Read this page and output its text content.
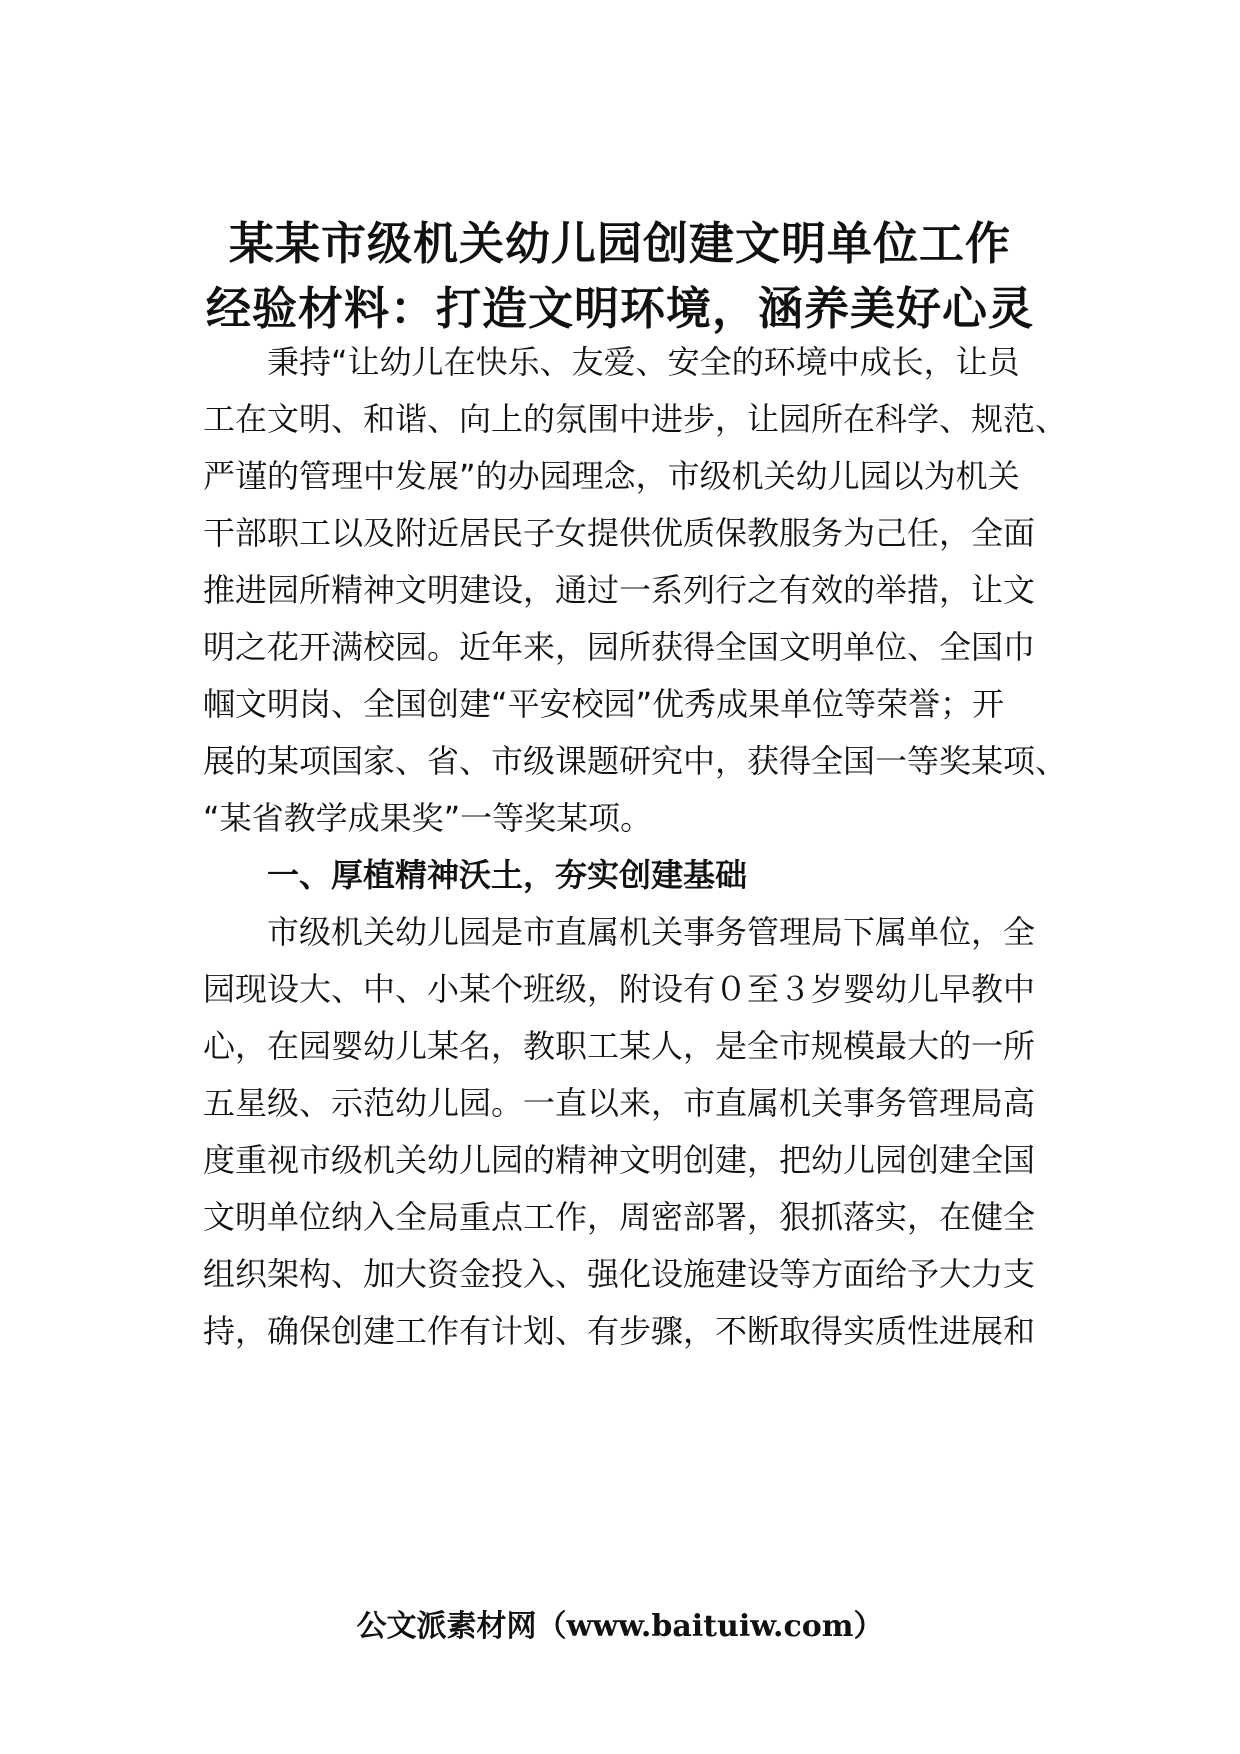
某某市级机关幼儿园创建文明单位工作
经验材料：打造文明环境，涵养美好心灵
　　秉持“让幼儿在快乐、友爱、安全的环境中成长，让员
工在文明、和谐、向上的氛围中进步，让园所在科学、规范、
严谨的管理中发展”的办园理念，市级机关幼儿园以为机关
干部职工以及附近居民子女提供优质保教服务为己任，全面
推进园所精神文明建设，通过一系列行之有效的举措，让文
明之花开满校园。近年来，园所获得全国文明单位、全国巾
帼文明岗、全国创建“平安校园”优秀成果单位等荣誉；开
展的某项国家、省、市级课题研究中，获得全国一等奖某项、
“某省教学成果奖”一等奖某项。
　　一、厚植精神沃土，夯实创建基础
　　市级机关幼儿园是市直属机关事务管理局下属单位，全
园现设大、中、小某个班级，附设有０至３岁婴幼儿早教中
心，在园婴幼儿某名，教职工某人，是全市规模最大的一所
五星级、示范幼儿园。一直以来，市直属机关事务管理局高
度重视市级机关幼儿园的精神文明创建，把幼儿园创建全国
文明单位纳入全局重点工作，周密部署，狠抓落实，在健全
组织架构、加大资金投入、强化设施建设等方面给予大力支
持，确保创建工作有计划、有步骤，不断取得实质性进展和
公文派素材网（www.baituiw.com）
